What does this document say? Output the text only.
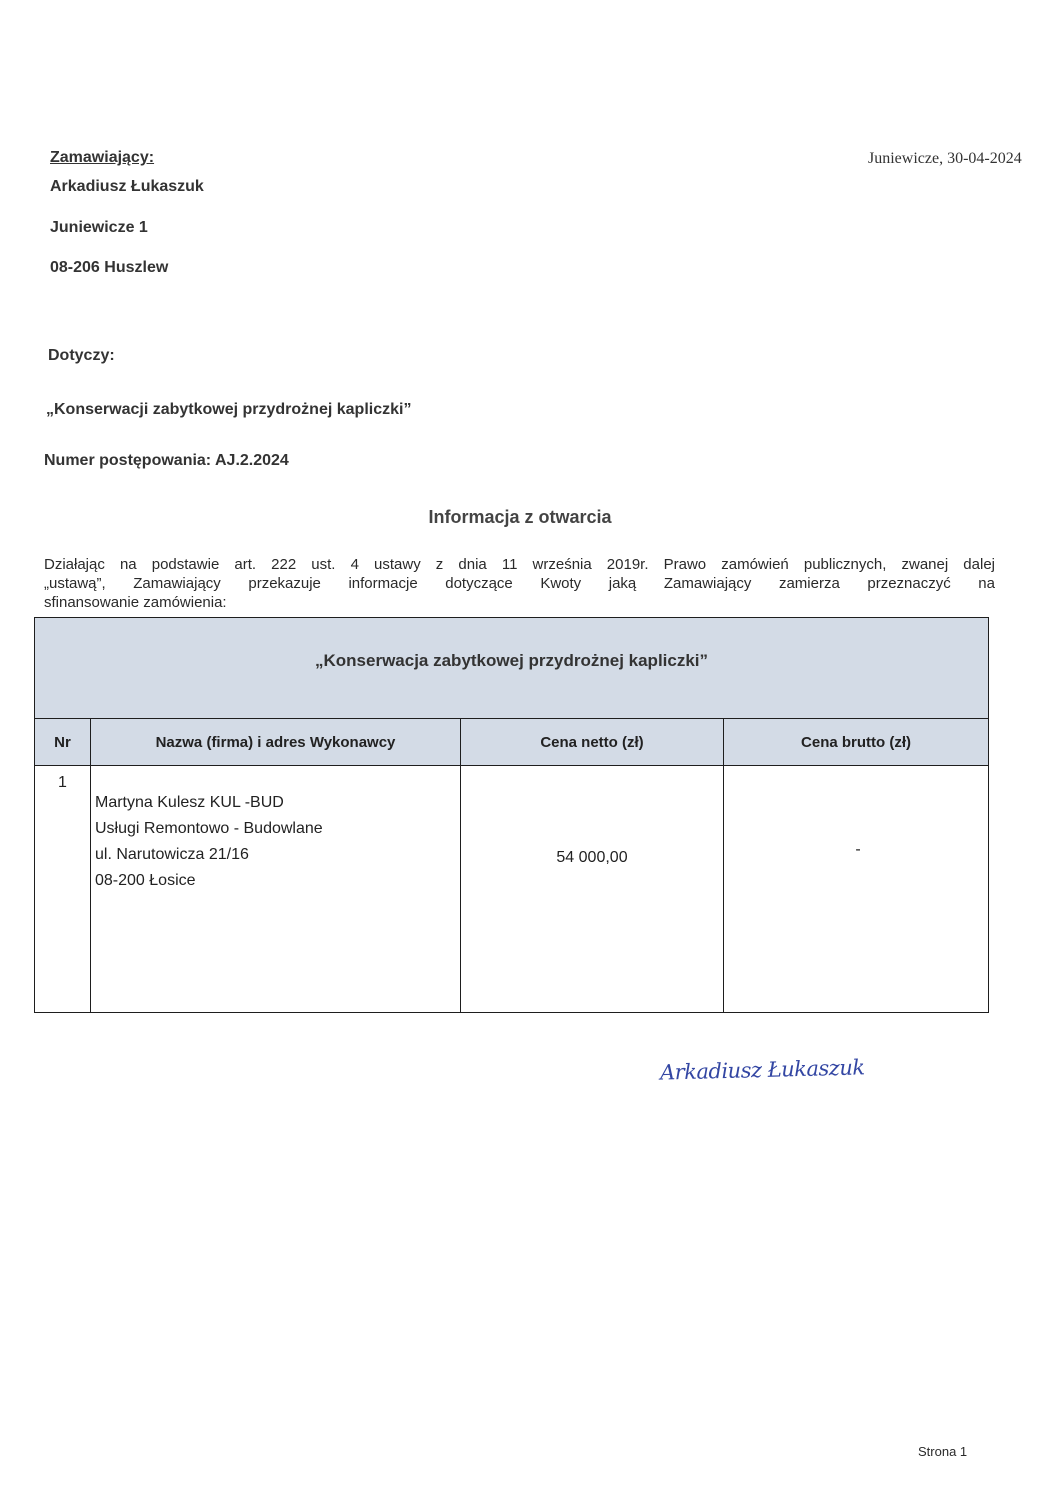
Zamawiający:	Juniewicze, 30-04-2024
Arkadiusz Łukaszuk
Juniewicze 1
08-206 Huszlew
Dotyczy:
„Konserwacji zabytkowej przydrożnej kapliczki”
Numer postępowania: AJ.2.2024
Informacja z otwarcia
Działając na podstawie art. 222 ust. 4 ustawy z dnia 11 września 2019r. Prawo zamówień publicznych, zwanej dalej
„ustawą”, Zamawiający przekazuje informacje dotyczące Kwoty jaką Zamawiający zamierza przeznaczyć na
sfinansowanie zamówienia:
„Konserwacja zabytkowej przydrożnej kapliczki”			
Nr	Nazwa (firma) i adres Wykonawcy	Cena netto (zł)	Cena brutto (zł)
1	Martyna Kulesz KUL -BUD
Usługi Remontowo - Budowlane
ul. Narutowicza 21/16
08-200 Łosice	54 000,00	-
Arkadiusz Łukaszuk
Strona 1
